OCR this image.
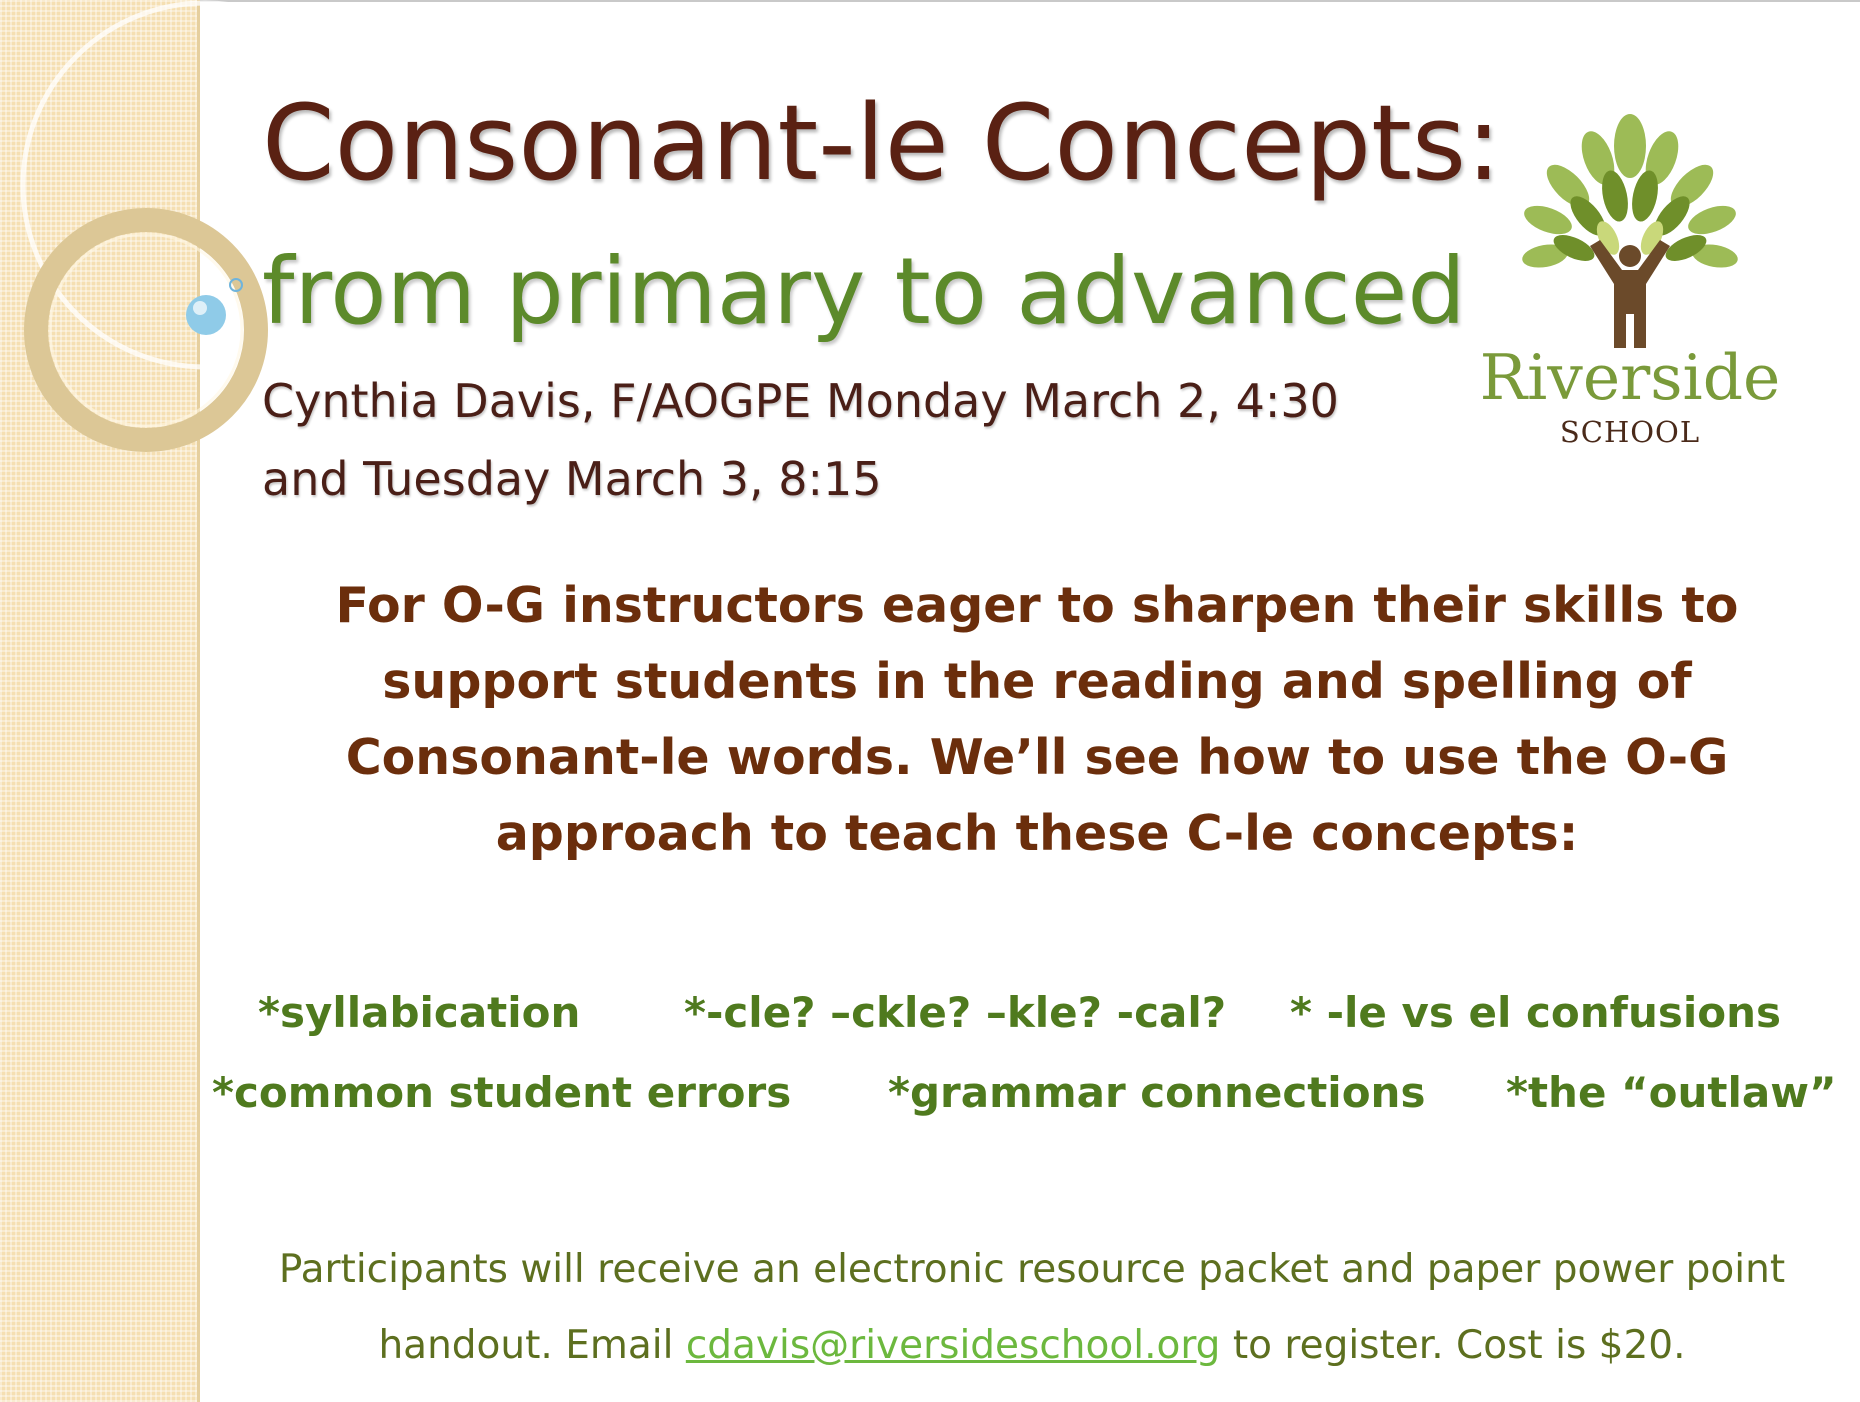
Consonant-le Concepts:
from primary to advanced
Cynthia Davis, F/AOGPE Monday March 2, 4:30
and Tuesday March 3, 8:15
Riverside
SCHOOL
For O-G instructors eager to sharpen their skills to
support students in the reading and spelling of
Consonant-le words. We’ll see how to use the O-G
approach to teach these C-le concepts:
*syllabication *-cle? –ckle? –kle? -cal? * -le vs el confusions
*common student errors *grammar connections *the “outlaw”
Participants will receive an electronic resource packet and paper power point
handout. Email cdavis@riversideschool.org to register. Cost is $20.
